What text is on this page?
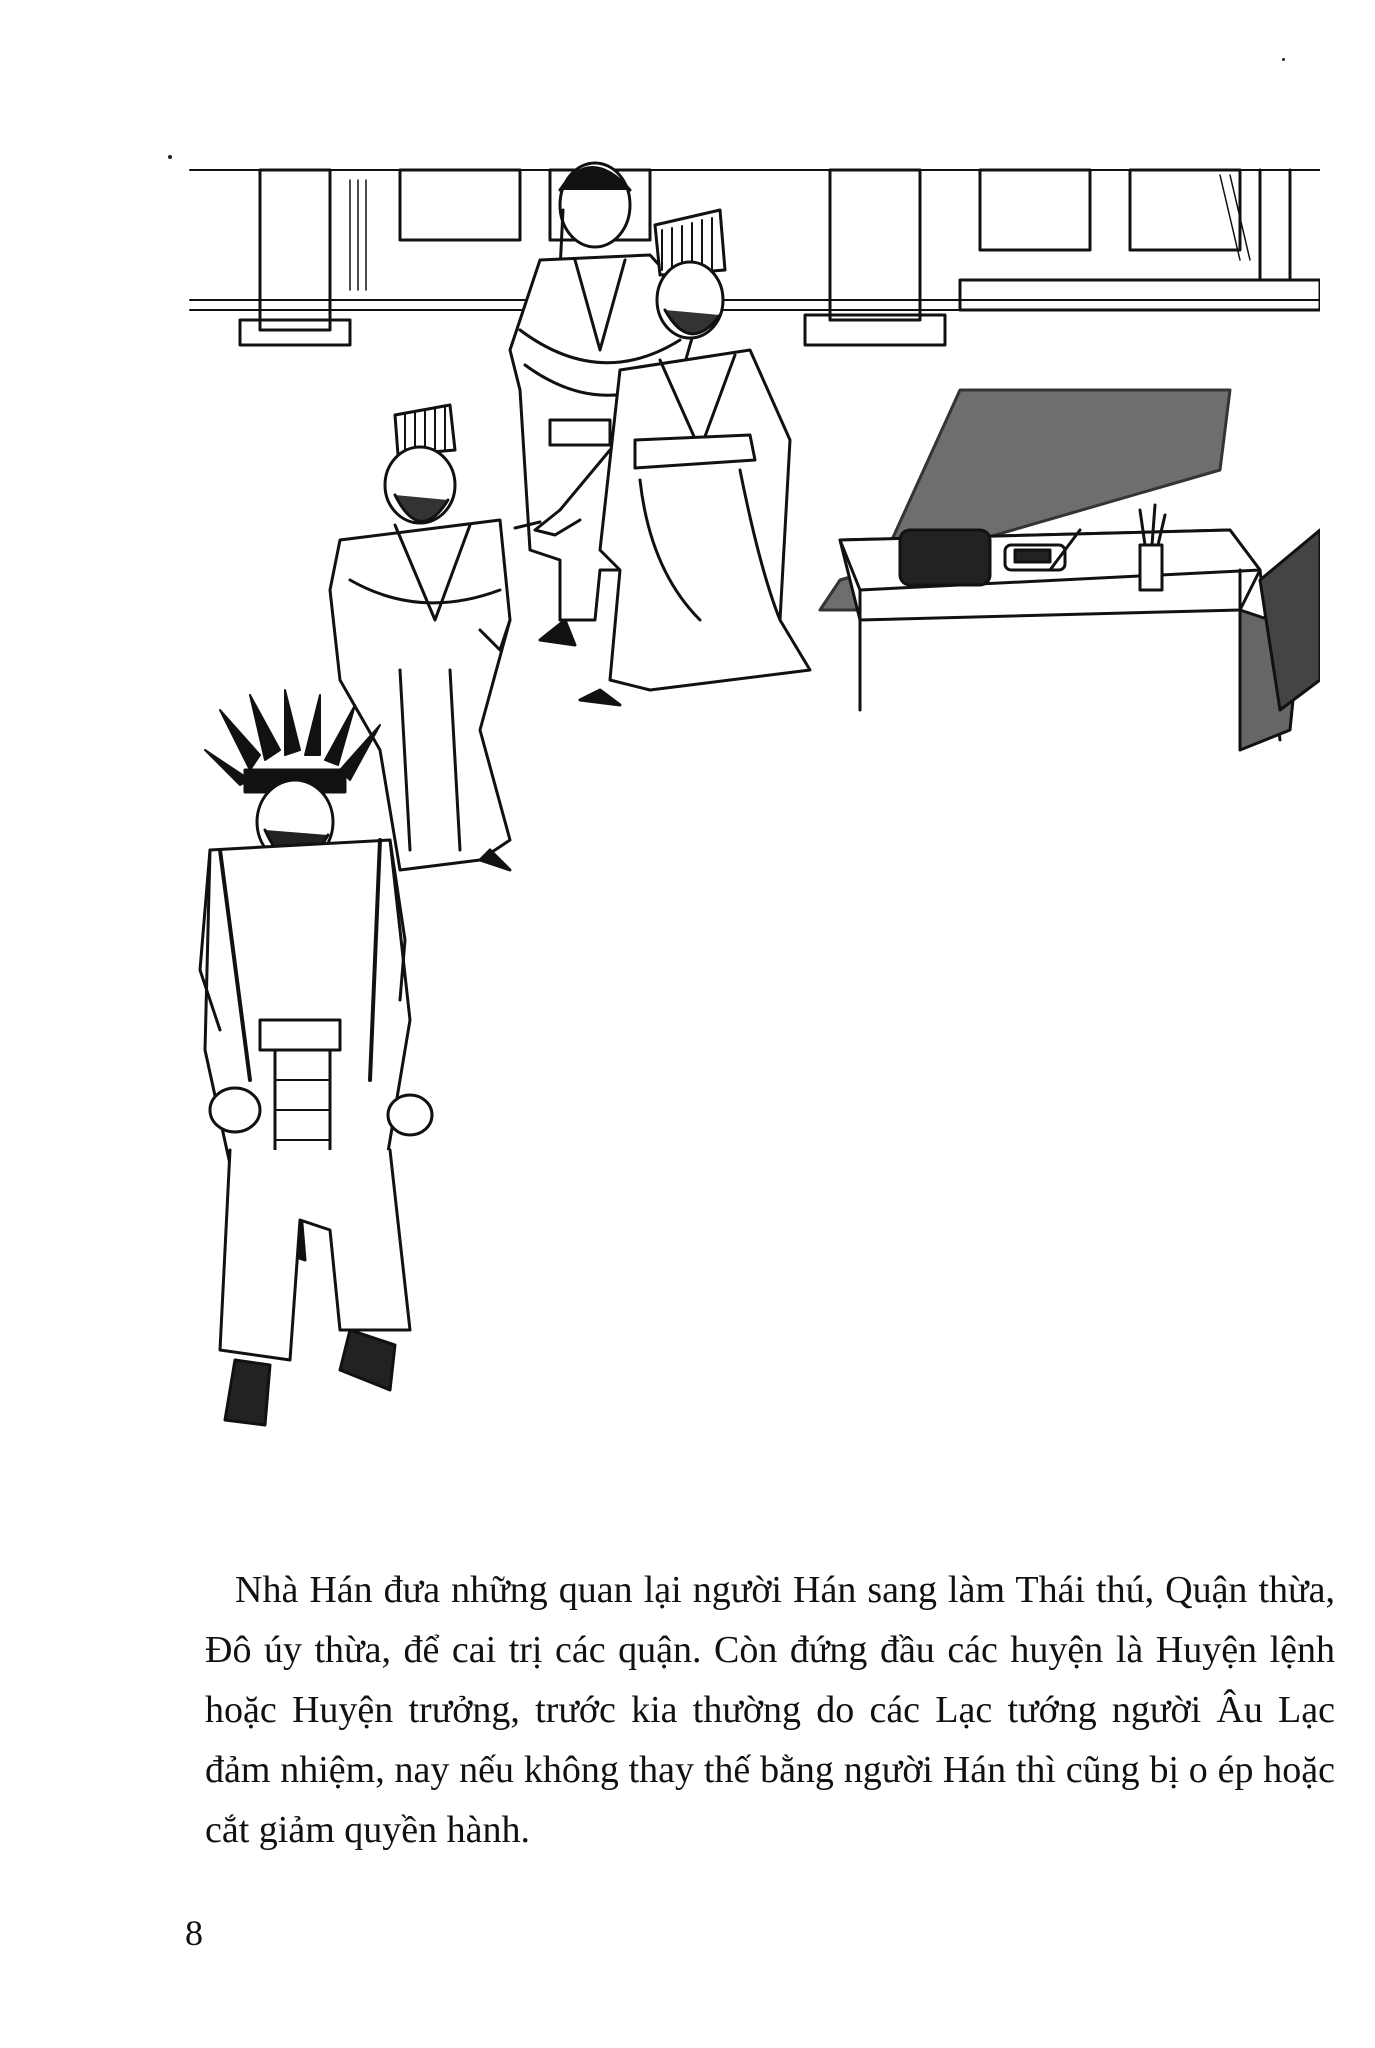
Nhà Hán đưa những quan lại người Hán sang làm Thái thú, Quận thừa, Đô úy thừa, để cai trị các quận. Còn đứng đầu các huyện là Huyện lệnh hoặc Huyện trưởng, trước kia thường do các Lạc tướng người Âu Lạc đảm nhiệm, nay nếu không thay thế bằng người Hán thì cũng bị o ép hoặc cắt giảm quyền hành.

8
